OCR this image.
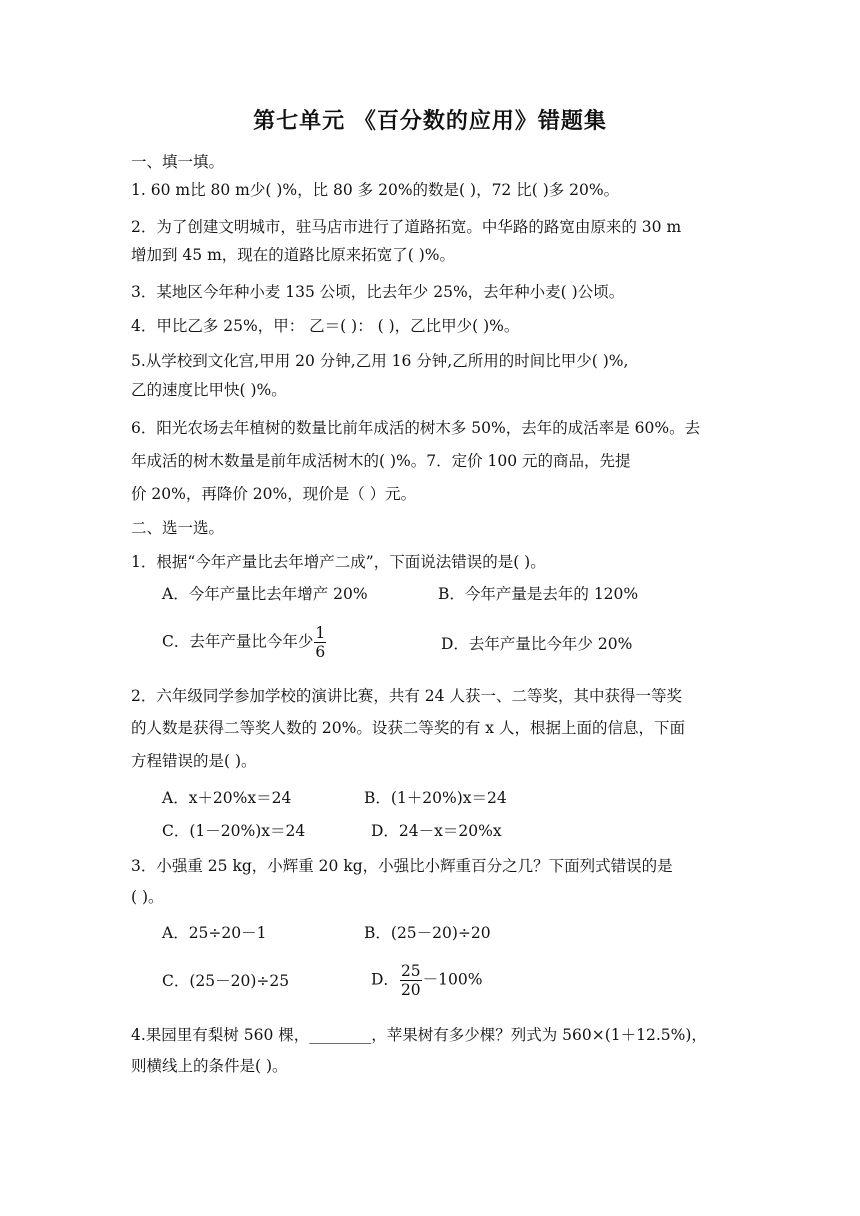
第七单元 《百分数的应用》错题集
一、填一填。
1. 60 m比 80 m少( )%，比 80 多 20%的数是( )，72 比( )多 20%。
2．为了创建文明城市，驻马店市进行了道路拓宽。中华路的路宽由原来的 30 m
增加到 45 m，现在的道路比原来拓宽了( )%。
3．某地区今年种小麦 135 公顷，比去年少 25%，去年种小麦( )公顷。
4．甲比乙多 25%，甲： 乙＝( )： ( )，乙比甲少( )%。
5.从学校到文化宫,甲用 20 分钟,乙用 16 分钟,乙所用的时间比甲少( )%,
乙的速度比甲快( )%。
6．阳光农场去年植树的数量比前年成活的树木多 50%，去年的成活率是 60%。去
年成活的树木数量是前年成活树木的( )%。7．定价 100 元的商品，先提
价 20%，再降价 20%，现价是（ ）元。
二、选一选。
1．根据“今年产量比去年增产二成”，下面说法错误的是( )。
A．今年产量比去年增产 20%	B．今年产量是去年的 120%
C．去年产量比今年少 $\frac{1}{6}$	D．去年产量比今年少 20%
2．六年级同学参加学校的演讲比赛，共有 24 人获一、二等奖，其中获得一等奖
的人数是获得二等奖人数的 20%。设获二等奖的有 x 人，根据上面的信息，下面
方程错误的是( )。
A．x＋20%x＝24	B．(1＋20%)x＝24
C．(1－20%)x＝24	D．24－x＝20%x
3．小强重 25 kg，小辉重 20 kg，小强比小辉重百分之几？下面列式错误的是
( )。
A．25÷20－1	B．(25－20)÷20
C．(25－20)÷25	D． $\frac{25}{20} -100\%$
4.果园里有梨树 560 棵，________，苹果树有多少棵？列式为 560×(1＋12.5%)，
则横线上的条件是( )。
